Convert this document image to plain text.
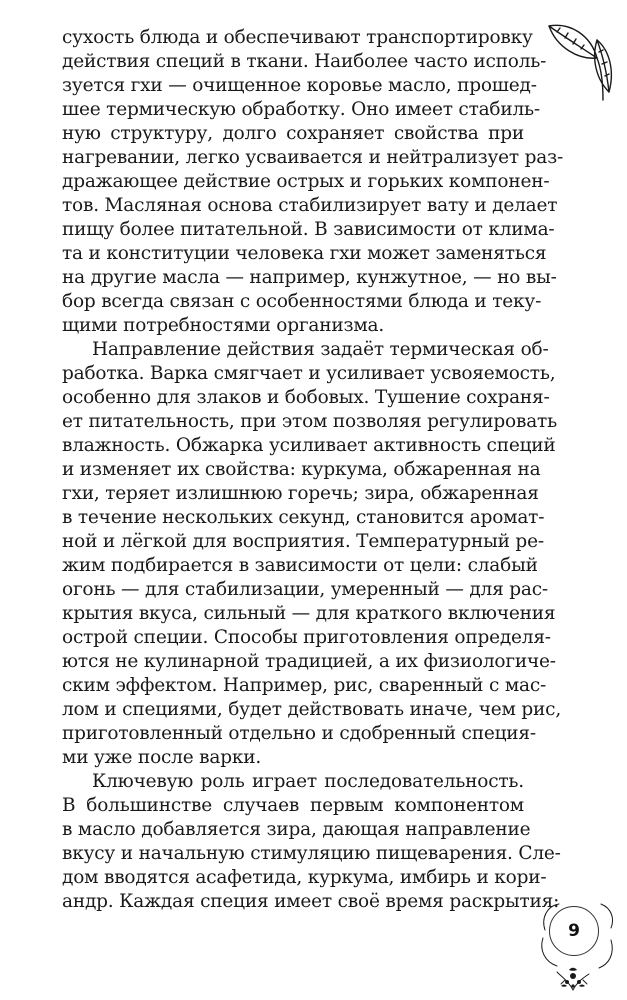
сухость блюда и обеспечивают транспортировку
действия специй в ткани. Наиболее часто исполь-
зуется гхи — очищенное коровье масло, прошед-
шее термическую обработку. Оно имеет стабиль-
ную структуру, долго сохраняет свойства при
нагревании, легко усваивается и нейтрализует раз-
дражающее действие острых и горьких компонен-
тов. Масляная основа стабилизирует вату и делает
пищу более питательной. В зависимости от клима-
та и конституции человека гхи может заменяться
на другие масла — например, кунжутное, — но вы-
бор всегда связан с особенностями блюда и теку-
щими потребностями организма.
Направление действия задаёт термическая об-
работка. Варка смягчает и усиливает усвояемость,
особенно для злаков и бобовых. Тушение сохраня-
ет питательность, при этом позволяя регулировать
влажность. Обжарка усиливает активность специй
и изменяет их свойства: куркума, обжаренная на
гхи, теряет излишнюю горечь; зира, обжаренная
в течение нескольких секунд, становится аромат-
ной и лёгкой для восприятия. Температурный ре-
жим подбирается в зависимости от цели: слабый
огонь — для стабилизации, умеренный — для рас-
крытия вкуса, сильный — для краткого включения
острой специи. Способы приготовления определя-
ются не кулинарной традицией, а их физиологиче-
ским эффектом. Например, рис, сваренный с мас-
лом и специями, будет действовать иначе, чем рис,
приготовленный отдельно и сдобренный специя-
ми уже после варки.
Ключевую роль играет последовательность.
В большинстве случаев первым компонентом
в масло добавляется зира, дающая направление
вкусу и начальную стимуляцию пищеварения. Сле-
дом вводятся асафетида, куркума, имбирь и кори-
андр. Каждая специя имеет своё время раскрытия:
9
